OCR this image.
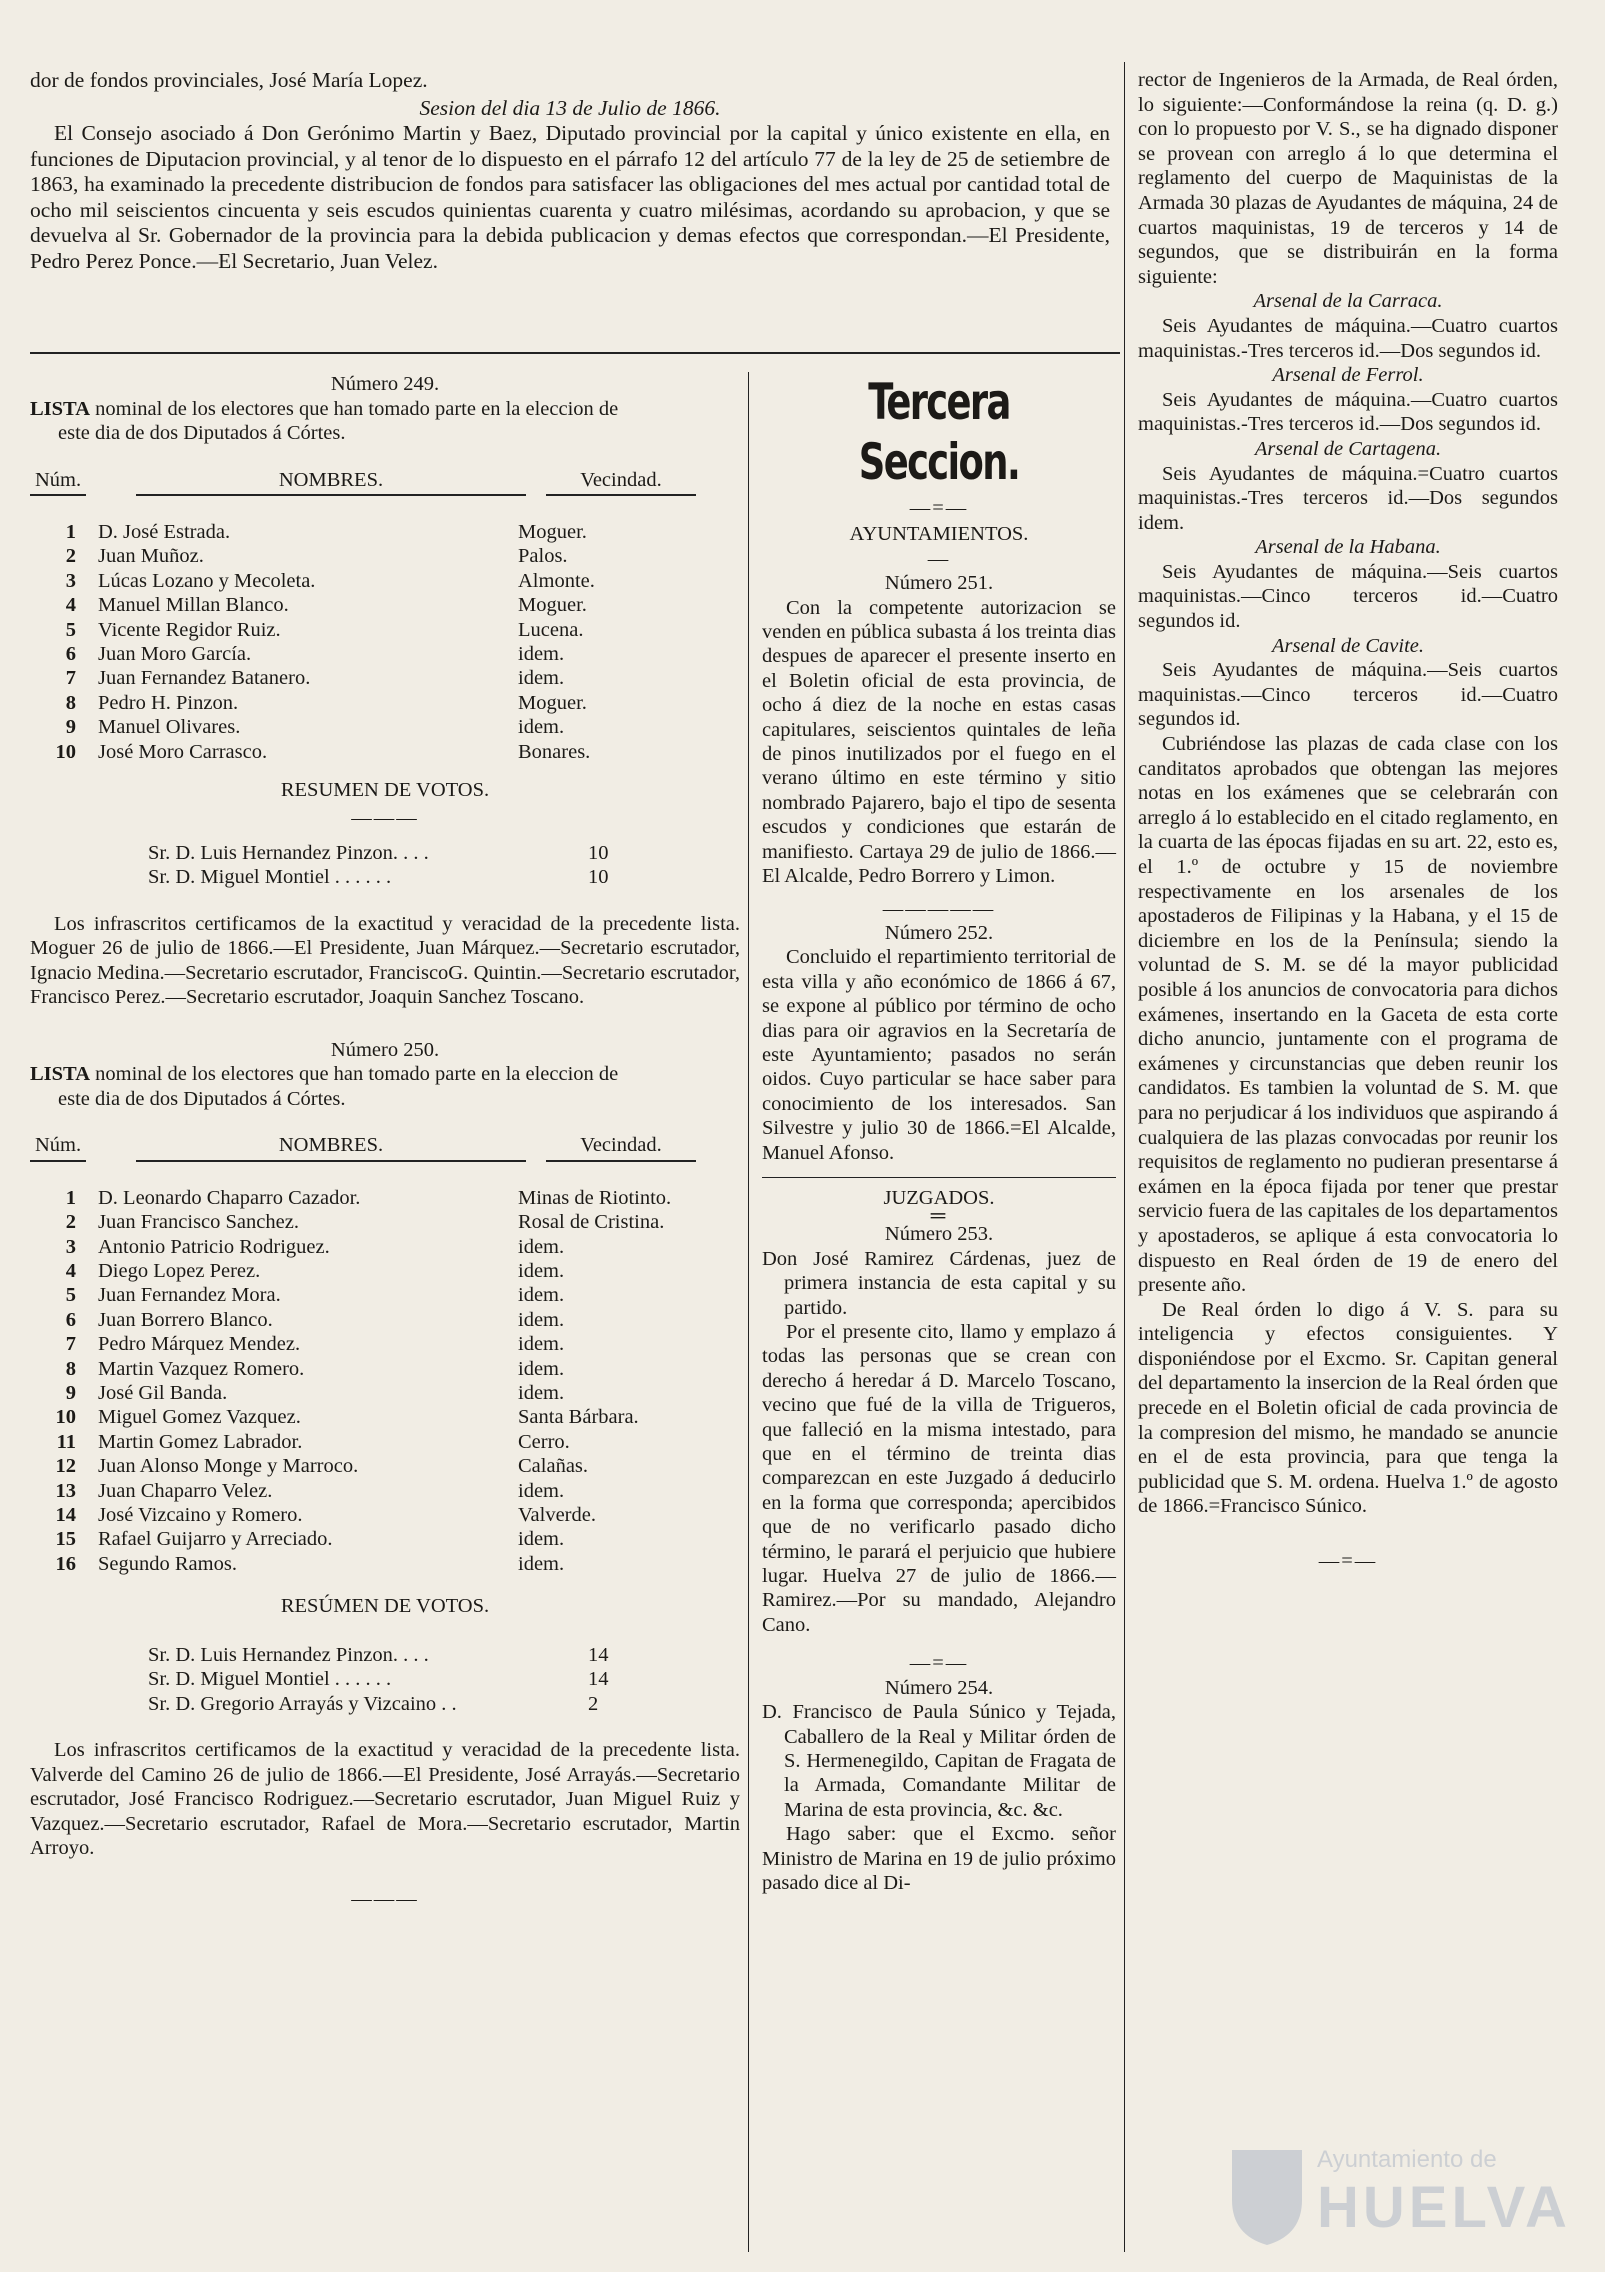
dor de fondos provinciales, José María Lopez.

Sesion del dia 13 de Julio de 1866.

El Consejo asociado á Don Gerónimo Martin y Baez, Diputado provincial por la capital y único existente en ella, en funciones de Diputacion provincial, y al tenor de lo dispuesto en el párrafo 12 del artículo 77 de la ley de 25 de setiembre de 1863, ha examinado la precedente distribucion de fondos para satisfacer las obligaciones del mes actual por cantidad total de ocho mil seiscientos cincuenta y seis escudos quinientas cuarenta y cuatro milésimas, acordando su aprobacion, y que se devuelva al Sr. Gobernador de la provincia para la debida publicacion y demas efectos que correspondan.—El Presidente, Pedro Perez Ponce.—El Secretario, Juan Velez.

Número 249.

LISTA nominal de los electores que han tomado parte en la eleccion de

este dia de dos Diputados á Córtes.

Núm.	NOMBRES.	Vecindad.
1	D. José Estrada.	Moguer.
2	Juan Muñoz.	Palos.
3	Lúcas Lozano y Mecoleta.	Almonte.
4	Manuel Millan Blanco.	Moguer.
5	Vicente Regidor Ruiz.	Lucena.
6	Juan Moro García.	idem.
7	Juan Fernandez Batanero.	idem.
8	Pedro H. Pinzon.	Moguer.
9	Manuel Olivares.	idem.
10	José Moro Carrasco.	Bonares.

RESUMEN DE VOTOS.

———
Sr. D. Luis Hernandez Pinzon. . . .	10
Sr. D. Miguel Montiel . . . . . .	10

Los infrascritos certificamos de la exactitud y veracidad de la precedente lista. Moguer 26 de julio de 1866.—El Presidente, Juan Márquez.—Secretario escrutador, Ignacio Medina.—Secretario escrutador, FranciscoG. Quintin.—Secretario escrutador, Francisco Perez.—Secretario escrutador, Joaquin Sanchez Toscano.

Número 250.

LISTA nominal de los electores que han tomado parte en la eleccion de

este dia de dos Diputados á Córtes.

Núm.	NOMBRES.	Vecindad.
1	D. Leonardo Chaparro Cazador.	Minas de Riotinto.
2	Juan Francisco Sanchez.	Rosal de Cristina.
3	Antonio Patricio Rodriguez.	idem.
4	Diego Lopez Perez.	idem.
5	Juan Fernandez Mora.	idem.
6	Juan Borrero Blanco.	idem.
7	Pedro Márquez Mendez.	idem.
8	Martin Vazquez Romero.	idem.
9	José Gil Banda.	idem.
10	Miguel Gomez Vazquez.	Santa Bárbara.
11	Martin Gomez Labrador.	Cerro.
12	Juan Alonso Monge y Marroco.	Calañas.
13	Juan Chaparro Velez.	idem.
14	José Vizcaino y Romero.	Valverde.
15	Rafael Guijarro y Arreciado.	idem.
16	Segundo Ramos.	idem.

RESÚMEN DE VOTOS.

Sr. D. Luis Hernandez Pinzon. . . .	14
Sr. D. Miguel Montiel . . . . . .	14
Sr. D. Gregorio Arrayás y Vizcaino . .	2

Los infrascritos certificamos de la exactitud y veracidad de la precedente lista. Valverde del Camino 26 de julio de 1866.—El Presidente, José Arrayás.—Secretario escrutador, José Francisco Rodriguez.—Secretario escrutador, Juan Miguel Ruiz y Vazquez.—Secretario escrutador, Rafael de Mora.—Secretario escrutador, Martin Arroyo.

———
Tercera Seccion.
—=—

AYUNTAMIENTOS.

—

Número 251.

Con la competente autorizacion se venden en pública subasta á los treinta dias despues de aparecer el presente inserto en el Boletin oficial de esta provincia, de ocho á diez de la noche en estas casas capitulares, seiscientos quintales de leña de pinos inutilizados por el fuego en el verano último en este término y sitio nombrado Pajarero, bajo el tipo de sesenta escudos y condiciones que estarán de manifiesto. Cartaya 29 de julio de 1866.—El Alcalde, Pedro Borrero y Limon.

—————

Número 252.

Concluido el repartimiento territorial de esta villa y año económico de 1866 á 67, se expone al público por término de ocho dias para oir agravios en la Secretaría de este Ayuntamiento; pasados no serán oidos. Cuyo particular se hace saber para conocimiento de los interesados. San Silvestre y julio 30 de 1866.=El Alcalde, Manuel Afonso.

JUZGADOS.

═

Número 253.

Don José Ramirez Cárdenas, juez de primera instancia de esta capital y su partido.

Por el presente cito, llamo y emplazo á todas las personas que se crean con derecho á heredar á D. Marcelo Toscano, vecino que fué de la villa de Trigueros, que falleció en la misma intestado, para que en el término de treinta dias comparezcan en este Juzgado á deducirlo en la forma que corresponda; apercibidos que de no verificarlo pasado dicho término, le parará el perjuicio que hubiere lugar. Huelva 27 de julio de 1866.—Ramirez.—Por su mandado, Alejandro Cano.

—=—

Número 254.

D. Francisco de Paula Súnico y Tejada, Caballero de la Real y Militar órden de S. Hermenegildo, Capitan de Fragata de la Armada, Comandante Militar de Marina de esta provincia, &c. &c.

Hago saber: que el Excmo. señor Ministro de Marina en 19 de julio próximo pasado dice al Di-

rector de Ingenieros de la Armada, de Real órden, lo siguiente:—Conformándose la reina (q. D. g.) con lo propuesto por V. S., se ha dignado disponer se provean con arreglo á lo que determina el reglamento del cuerpo de Maquinistas de la Armada 30 plazas de Ayudantes de máquina, 24 de cuartos maquinistas, 19 de terceros y 14 de segundos, que se distribuirán en la forma siguiente:

Arsenal de la Carraca.

Seis Ayudantes de máquina.—Cuatro cuartos maquinistas.-Tres terceros id.—Dos segundos id.

Arsenal de Ferrol.

Seis Ayudantes de máquina.—Cuatro cuartos maquinistas.-Tres terceros id.—Dos segundos id.

Arsenal de Cartagena.

Seis Ayudantes de máquina.=Cuatro cuartos maquinistas.-Tres terceros id.—Dos segundos idem.

Arsenal de la Habana.

Seis Ayudantes de máquina.—Seis cuartos maquinistas.—Cinco terceros id.—Cuatro segundos id.

Arsenal de Cavite.

Seis Ayudantes de máquina.—Seis cuartos maquinistas.—Cinco terceros id.—Cuatro segundos id.

Cubriéndose las plazas de cada clase con los canditatos aprobados que obtengan las mejores notas en los exámenes que se celebrarán con arreglo á lo establecido en el citado reglamento, en la cuarta de las épocas fijadas en su art. 22, esto es, el 1.º de octubre y 15 de noviembre respectivamente en los arsenales de los apostaderos de Filipinas y la Habana, y el 15 de diciembre en los de la Península; siendo la voluntad de S. M. se dé la mayor publicidad posible á los anuncios de convocatoria para dichos exámenes, insertando en la Gaceta de esta corte dicho anuncio, juntamente con el programa de exámenes y circunstancias que deben reunir los candidatos. Es tambien la voluntad de S. M. que para no perjudicar á los individuos que aspirando á cualquiera de las plazas convocadas por reunir los requisitos de reglamento no pudieran presentarse á exámen en la época fijada por tener que prestar servicio fuera de las capitales de los departamentos y apostaderos, se aplique á esta convocatoria lo dispuesto en Real órden de 19 de enero del presente año.

De Real órden lo digo á V. S. para su inteligencia y efectos consiguientes. Y disponiéndose por el Excmo. Sr. Capitan general del departamento la insercion de la Real órden que precede en el Boletin oficial de cada provincia de la compresion del mismo, he mandado se anuncie en el de esta provincia, para que tenga la publicidad que S. M. ordena. Huelva 1.º de agosto de 1866.=Francisco Súnico.

—=—
Ayuntamiento de
HUELVA
